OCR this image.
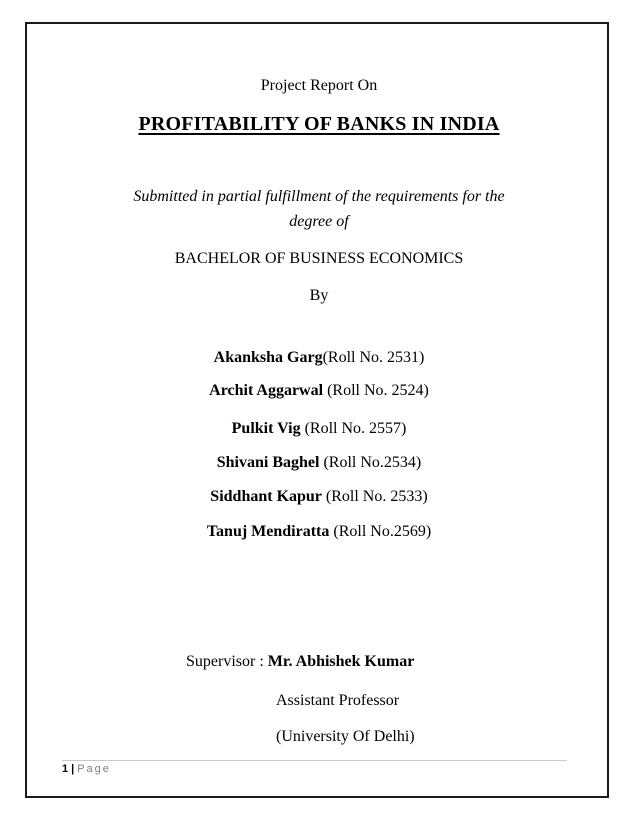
Project Report On
PROFITABILITY OF BANKS IN INDIA
Submitted in partial fulfillment of the requirements for the
degree of
BACHELOR OF BUSINESS ECONOMICS
By
Akanksha Garg(Roll No. 2531)
Archit Aggarwal (Roll No. 2524)
Pulkit Vig (Roll No. 2557)
Shivani Baghel (Roll No.2534)
Siddhant Kapur (Roll No. 2533)
Tanuj Mendiratta (Roll No.2569)
Supervisor : Mr. Abhishek Kumar
Assistant Professor
(University Of Delhi)
1 | Page
